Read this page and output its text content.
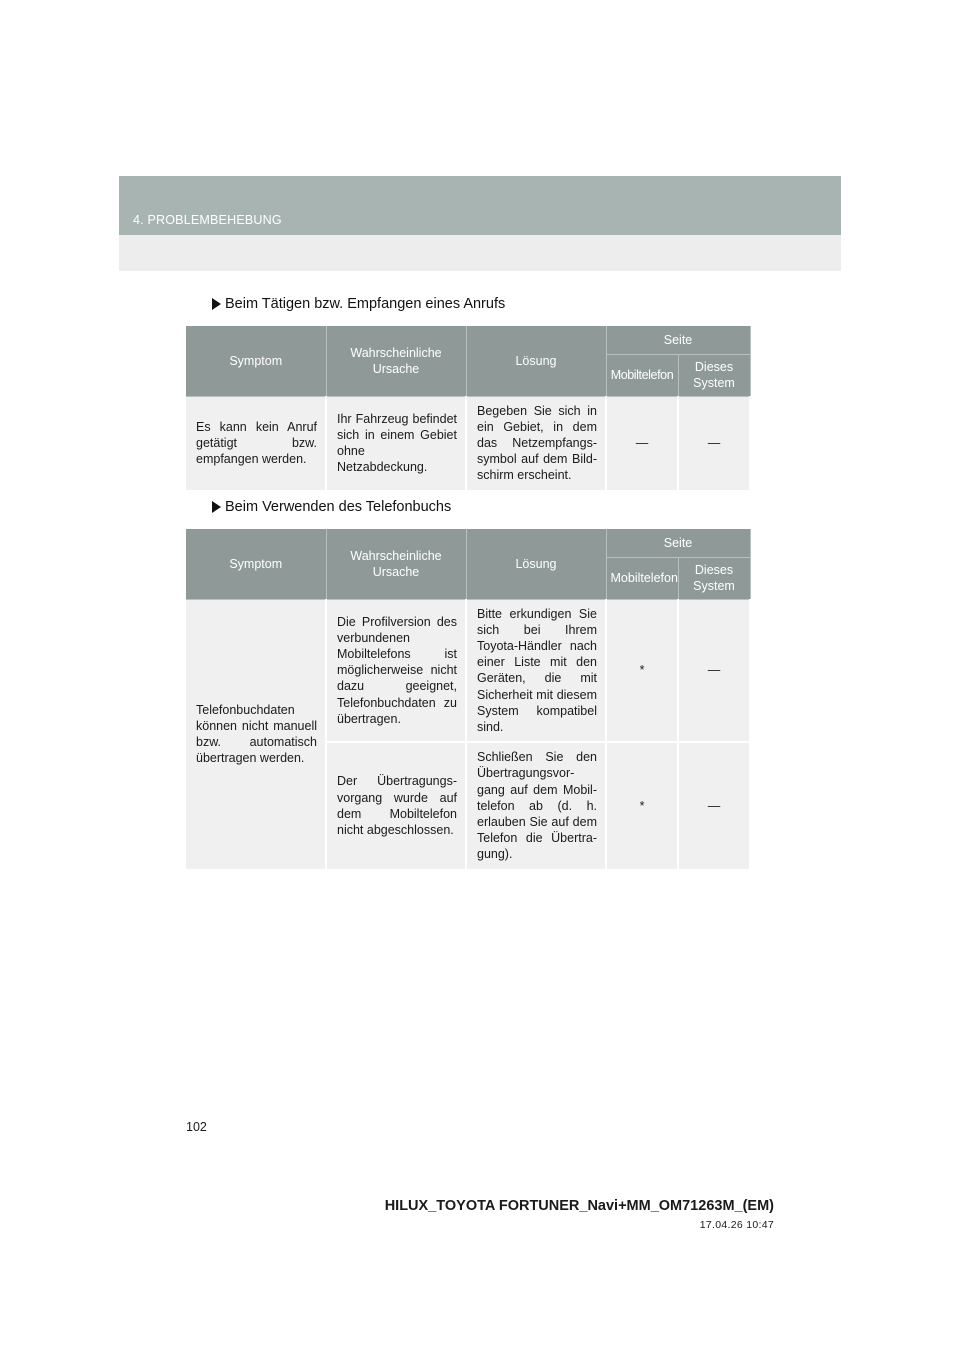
4. PROBLEMBEHEBUNG
Beim Tätigen bzw. Empfangen eines Anrufs
Symptom	Wahrscheinliche Ursache	Lösung	Seite	
			Mobiltelefon	Dieses System
Es kann kein Anruf getätigt bzw. empfangen werden.	Ihr Fahrzeug befindet sich in einem Gebiet ohne Netzabdeckung.	Begeben Sie sich in ein Gebiet, in dem das Netzempfangs-symbol auf dem Bild-schirm erscheint.	—	—
Beim Verwenden des Telefonbuchs
Symptom	Wahrscheinliche Ursache	Lösung	Seite	
			Mobiltelefon	Dieses System
Telefonbuchdaten können nicht manuell bzw. automatisch übertragen werden.	Die Profilversion des verbundenen Mobiltelefons ist möglicherweise nicht dazu geeignet, Telefonbuchdaten zu übertragen.	Bitte erkundigen Sie sich bei Ihrem Toyota-Händler nach einer Liste mit den Geräten, die mit Sicherheit mit diesem System kompatibel sind.	*	—
	Der Übertragungs-vorgang wurde auf dem Mobiltelefon nicht abgeschlossen.	Schließen Sie den Übertragungsvor-gang auf dem Mobil-telefon ab (d. h. erlauben Sie auf dem Telefon die Übertra-gung).	*	—
102
HILUX_TOYOTA FORTUNER_Navi+MM_OM71263M_(EM)
17.04.26 10:47
